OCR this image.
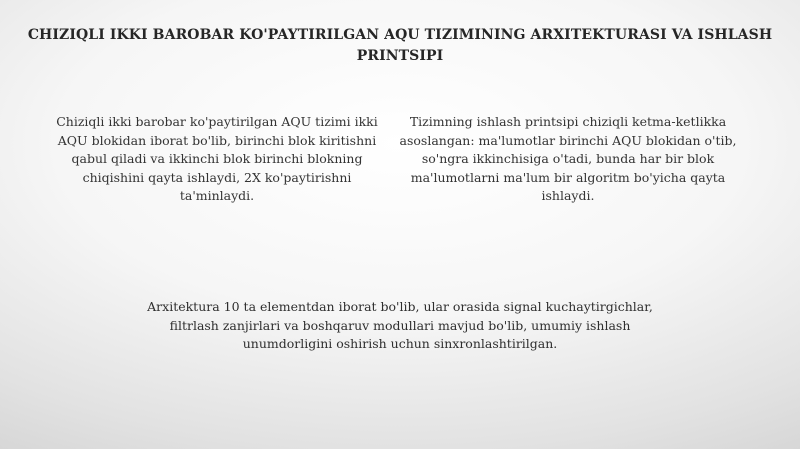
CHIZIQLI IKKI BAROBAR KO'PAYTIRILGAN AQU TIZIMINING ARXITEKTURASI VA ISHLASH PRINTSIPI

Chiziqli ikki barobar ko'paytirilgan AQU tizimi ikki AQU blokidan iborat bo'lib, birinchi blok kiritishni qabul qiladi va ikkinchi blok birinchi blokning chiqishini qayta ishlaydi, 2X ko'paytirishni ta'minlaydi.

Tizimning ishlash printsipi chiziqli ketma-ketlikka asoslangan: ma'lumotlar birinchi AQU blokidan o'tib, so'ngra ikkinchisiga o'tadi, bunda har bir blok ma'lumotlarni ma'lum bir algoritm bo'yicha qayta ishlaydi.

Arxitektura 10 ta elementdan iborat bo'lib, ular orasida signal kuchaytirgichlar, filtrlash zanjirlari va boshqaruv modullari mavjud bo'lib, umumiy ishlash unumdorligini oshirish uchun sinxronlashtirilgan.
